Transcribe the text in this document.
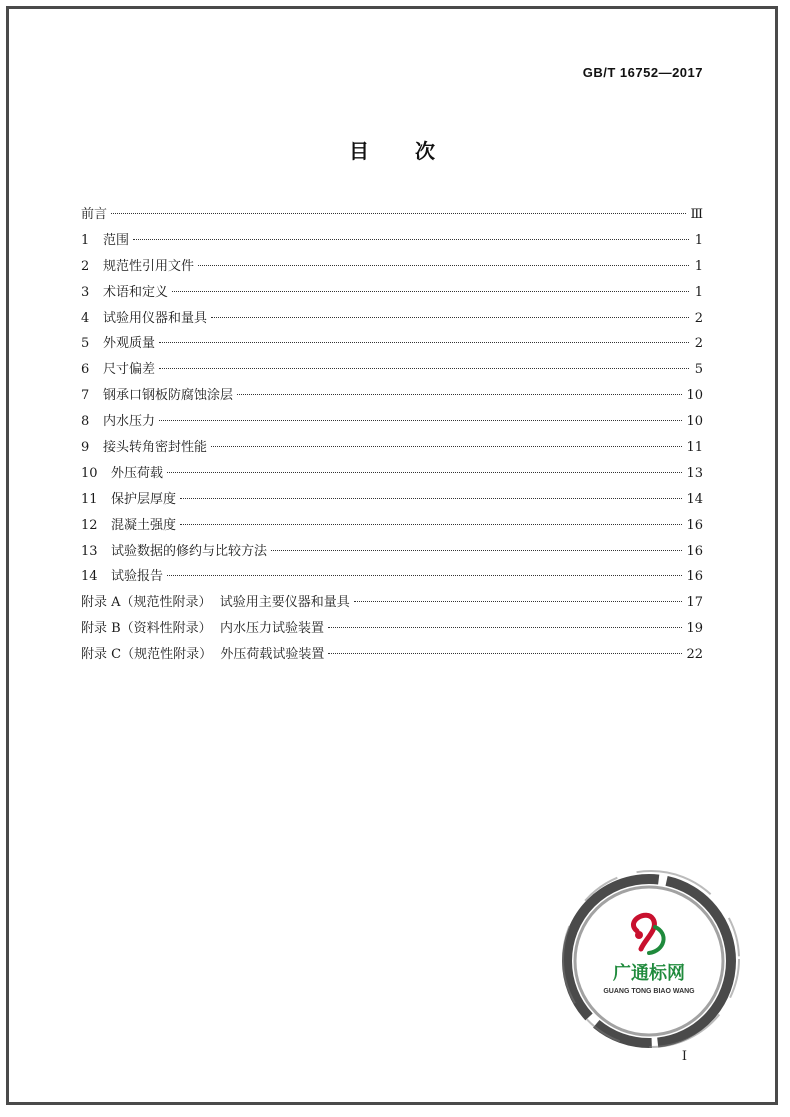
GB/T 16752—2017
目次
前言	Ⅲ
1	范围	1
2	规范性引用文件	1
3	术语和定义	1
4	试验用仪器和量具	2
5	外观质量	2
6	尺寸偏差	5
7	钢承口钢板防腐蚀涂层	10
8	内水压力	10
9	接头转角密封性能	11
10	外压荷载	13
11	保护层厚度	14
12	混凝土强度	16
13	试验数据的修约与比较方法	16
14	试验报告	16
附录 A（规范性附录）  试验用主要仪器和量具	17
附录 B（资料性附录）  内水压力试验装置	19
附录 C（规范性附录）  外压荷载试验装置	22
I
广通标网
GUANG TONG BIAO WANG
